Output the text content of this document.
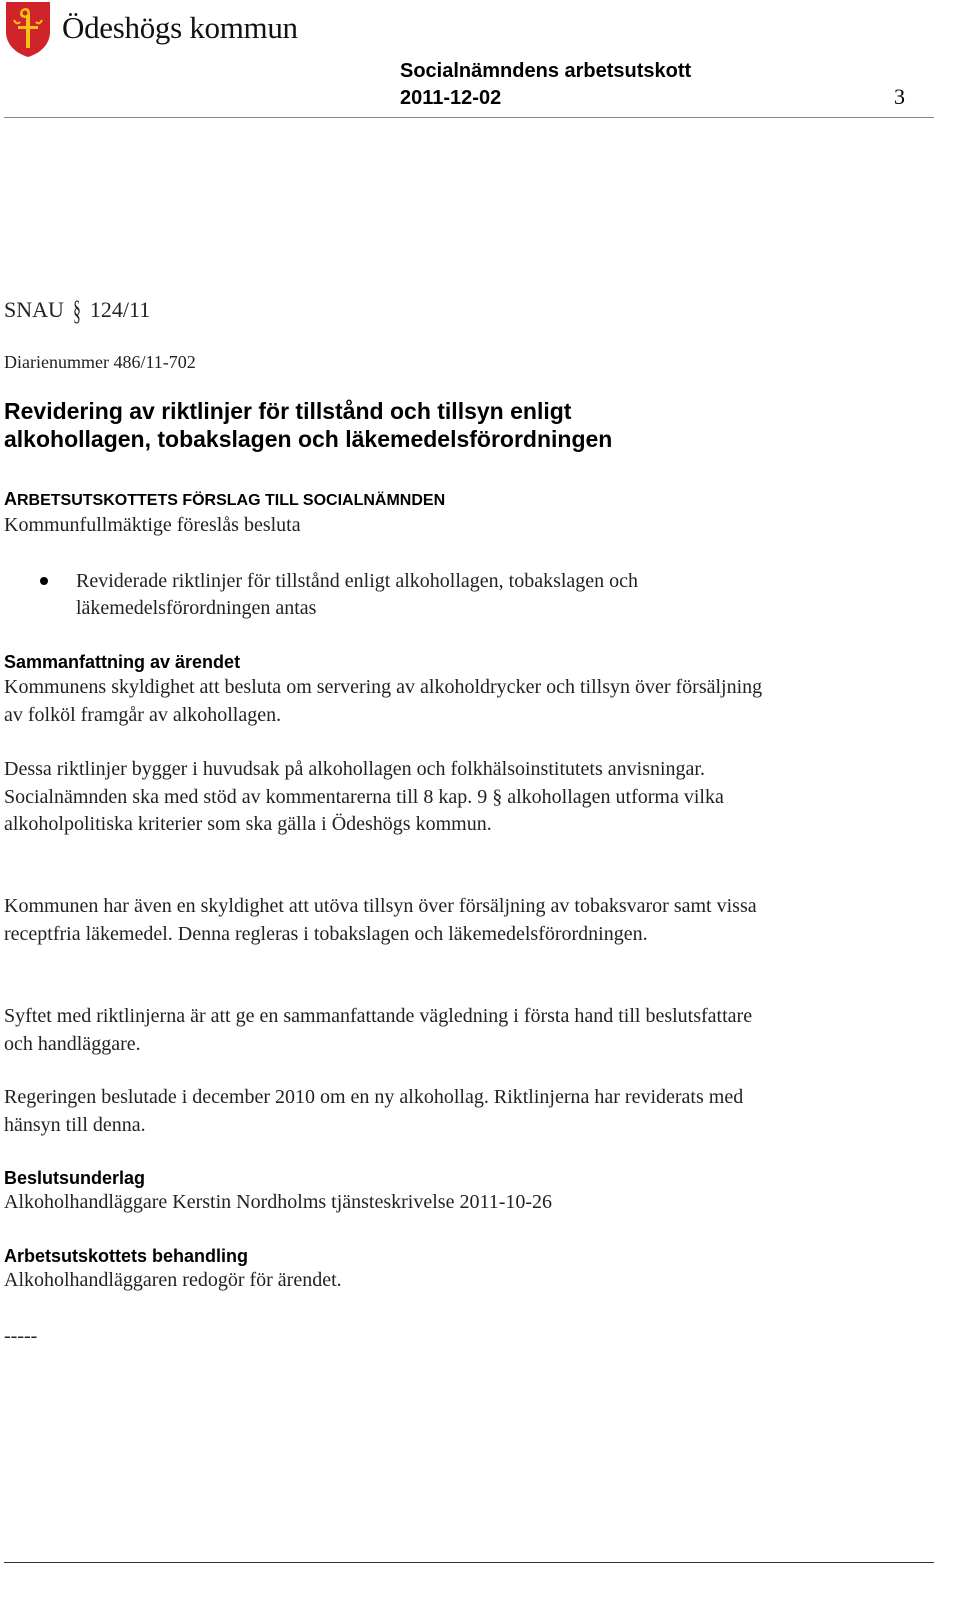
Ödeshögs kommun
Socialnämndens arbetsutskott
2011-12-02	3
SNAU § 124/11
Diarienummer 486/11-702
Revidering av riktlinjer för tillstånd och tillsyn enligt
alkohollagen, tobakslagen och läkemedelsförordningen
ARBETSUTSKOTTETS FÖRSLAG TILL SOCIALNÄMNDEN
Kommunfullmäktige föreslås besluta
Reviderade riktlinjer för tillstånd enligt alkohollagen, tobakslagen och läkemedelsförordningen antas
Sammanfattning av ärendet

Kommunens skyldighet att besluta om servering av alkoholdrycker och tillsyn över försäljning av folköl framgår av alkohollagen.

Dessa riktlinjer bygger i huvudsak på alkohollagen och folkhälsoinstitutets anvisningar. Socialnämnden ska med stöd av kommentarerna till 8 kap. 9 § alkohollagen utforma vilka alkoholpolitiska kriterier som ska gälla i Ödeshögs kommun.

Kommunen har även en skyldighet att utöva tillsyn över försäljning av tobaksvaror samt vissa receptfria läkemedel. Denna regleras i tobakslagen och läkemedelsförordningen.

Syftet med riktlinjerna är att ge en sammanfattande vägledning i första hand till beslutsfattare och handläggare.

Regeringen beslutade i december 2010 om en ny alkohollag. Riktlinjerna har reviderats med hänsyn till denna.

Beslutsunderlag

Alkoholhandläggare Kerstin Nordholms tjänsteskrivelse 2011-10-26

Arbetsutskottets behandling

Alkoholhandläggaren redogör för ärendet.

-----
